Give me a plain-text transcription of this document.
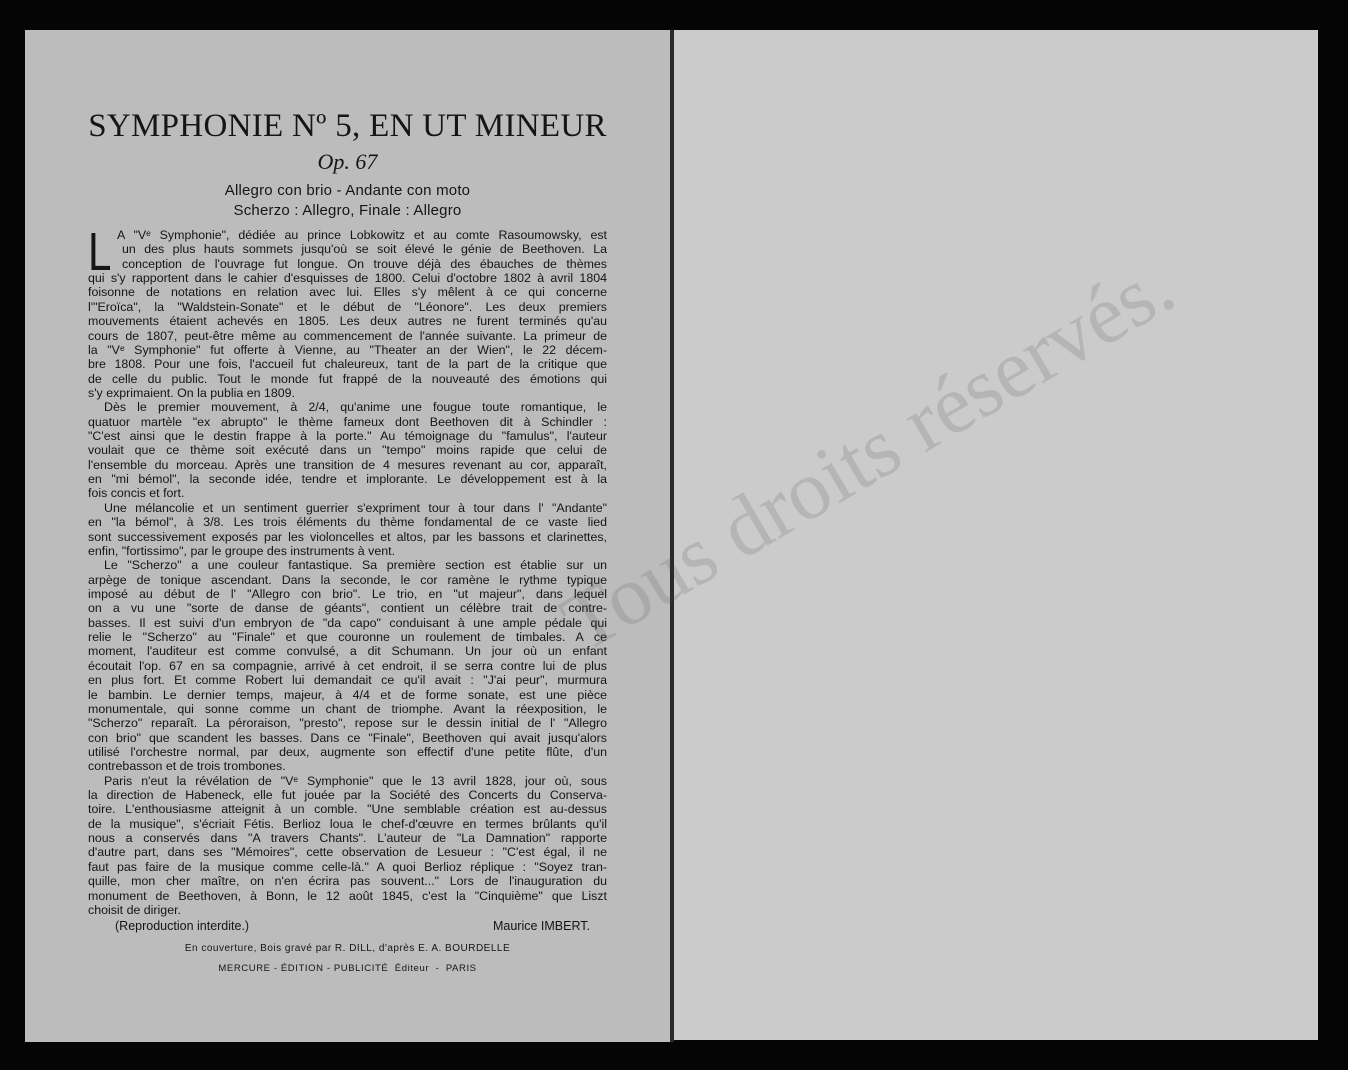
SYMPHONIE Nº 5, EN UT MINEUR
Op. 67
Allegro con brio - Andante con moto
Scherzo : Allegro, Finale : Allegro
L A "Vᵉ Symphonie", dédiée au prince Lobkowitz et au comte Rasoumowsky, est
un des plus hauts sommets jusqu'où se soit élevé le génie de Beethoven. La
conception de l'ouvrage fut longue. On trouve déjà des ébauches de thèmes
qui s'y rapportent dans le cahier d'esquisses de 1800. Celui d'octobre 1802 à avril 1804
foisonne de notations en relation avec lui. Elles s'y mêlent à ce qui concerne
l'"Eroïca", la "Waldstein-Sonate" et le début de "Léonore". Les deux premiers
mouvements étaient achevés en 1805. Les deux autres ne furent terminés qu'au
cours de 1807, peut-être même au commencement de l'année suivante. La primeur de
la "Vᵉ Symphonie" fut offerte à Vienne, au "Theater an der Wien", le 22 décem-
bre 1808. Pour une fois, l'accueil fut chaleureux, tant de la part de la critique que
de celle du public. Tout le monde fut frappé de la nouveauté des émotions qui
s'y exprimaient. On la publia en 1809.
Dès le premier mouvement, à 2/4, qu'anime une fougue toute romantique, le
quatuor martèle "ex abrupto" le thème fameux dont Beethoven dit à Schindler :
"C'est ainsi que le destin frappe à la porte." Au témoignage du "famulus", l'auteur
voulait que ce thème soit exécuté dans un "tempo" moins rapide que celui de
l'ensemble du morceau. Après une transition de 4 mesures revenant au cor, apparaît,
en "mi bémol", la seconde idée, tendre et implorante. Le développement est à la
fois concis et fort.
Une mélancolie et un sentiment guerrier s'expriment tour à tour dans l' "Andante"
en "la bémol", à 3/8. Les trois éléments du thème fondamental de ce vaste lied
sont successivement exposés par les violoncelles et altos, par les bassons et clarinettes,
enfin, "fortissimo", par le groupe des instruments à vent.
Le "Scherzo" a une couleur fantastique. Sa première section est établie sur un
arpège de tonique ascendant. Dans la seconde, le cor ramène le rythme typique
imposé au début de l' "Allegro con brio". Le trio, en "ut majeur", dans lequel
on a vu une "sorte de danse de géants", contient un célèbre trait de contre-
basses. Il est suivi d'un embryon de "da capo" conduisant à une ample pédale qui
relie le "Scherzo" au "Finale" et que couronne un roulement de timbales. A ce
moment, l'auditeur est comme convulsé, a dit Schumann. Un jour où un enfant
écoutait l'op. 67 en sa compagnie, arrivé à cet endroit, il se serra contre lui de plus
en plus fort. Et comme Robert lui demandait ce qu'il avait : "J'ai peur", murmura
le bambin. Le dernier temps, majeur, à 4/4 et de forme sonate, est une pièce
monumentale, qui sonne comme un chant de triomphe. Avant la réexposition, le
"Scherzo" reparaît. La péroraison, "presto", repose sur le dessin initial de l' "Allegro
con brio" que scandent les basses. Dans ce "Finale", Beethoven qui avait jusqu'alors
utilisé l'orchestre normal, par deux, augmente son effectif d'une petite flûte, d'un
contrebasson et de trois trombones.
Paris n'eut la révélation de "Vᵉ Symphonie" que le 13 avril 1828, jour où, sous
la direction de Habeneck, elle fut jouée par la Société des Concerts du Conserva-
toire. L'enthousiasme atteignit à un comble. "Une semblable création est au-dessus
de la musique", s'écriait Fétis. Berlioz loua le chef-d'œuvre en termes brûlants qu'il
nous a conservés dans "A travers Chants". L'auteur de "La Damnation" rapporte
d'autre part, dans ses "Mémoires", cette observation de Lesueur : "C'est égal, il ne
faut pas faire de la musique comme celle-là." A quoi Berlioz réplique : "Soyez tran-
quille, mon cher maître, on n'en écrira pas souvent..." Lors de l'inauguration du
monument de Beethoven, à Bonn, le 12 août 1845, c'est la "Cinquième" que Liszt
choisit de diriger.
(Reproduction interdite.)	Maurice IMBERT.
En couverture, Bois gravé par R. DILL, d'après E. A. BOURDELLE
MERCURE - ÉDITION - PUBLICITÉ  Éditeur  -  PARIS
